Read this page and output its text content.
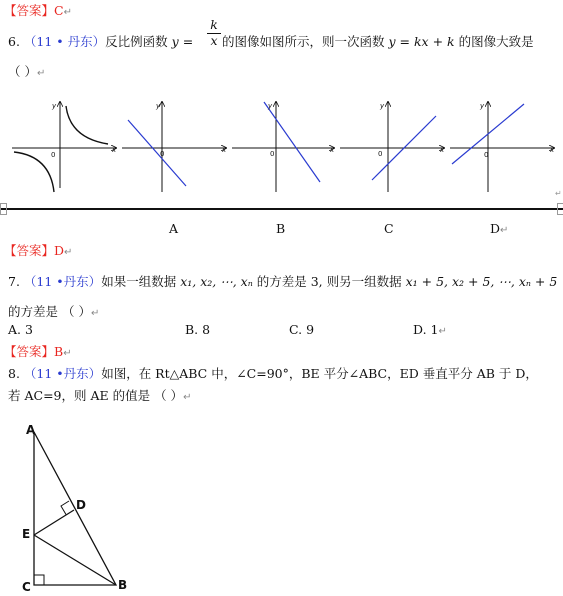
【答案】C↵
6. （11 • 丹东）反比例函数 $y = \frac{k}{x}$ 的图像如图所示，则一次函数 y = kx + k 的图像大致是
（ ）↵
y
x
0
y
x
0
y
x
0
y
x
0
y
x
0
↵
A	B	C	D↵
【答案】D↵
7. （11 •丹东）如果一组数据 x₁, x₂, ⋯, xₙ 的方差是 3, 则另一组数据 x₁ + 5, x₂ + 5, ⋯, xₙ + 5
的方差是 （ ）↵
A. 3	B. 8	C. 9	D. 1↵
【答案】B↵
8. （11 •丹东）如图，在 Rt△ABC 中，∠C=90°，BE 平分∠ABC，ED 垂直平分 AB 于 D，
若 AC=9，则 AE 的值是 （ ）↵
A
D
E
C	B
